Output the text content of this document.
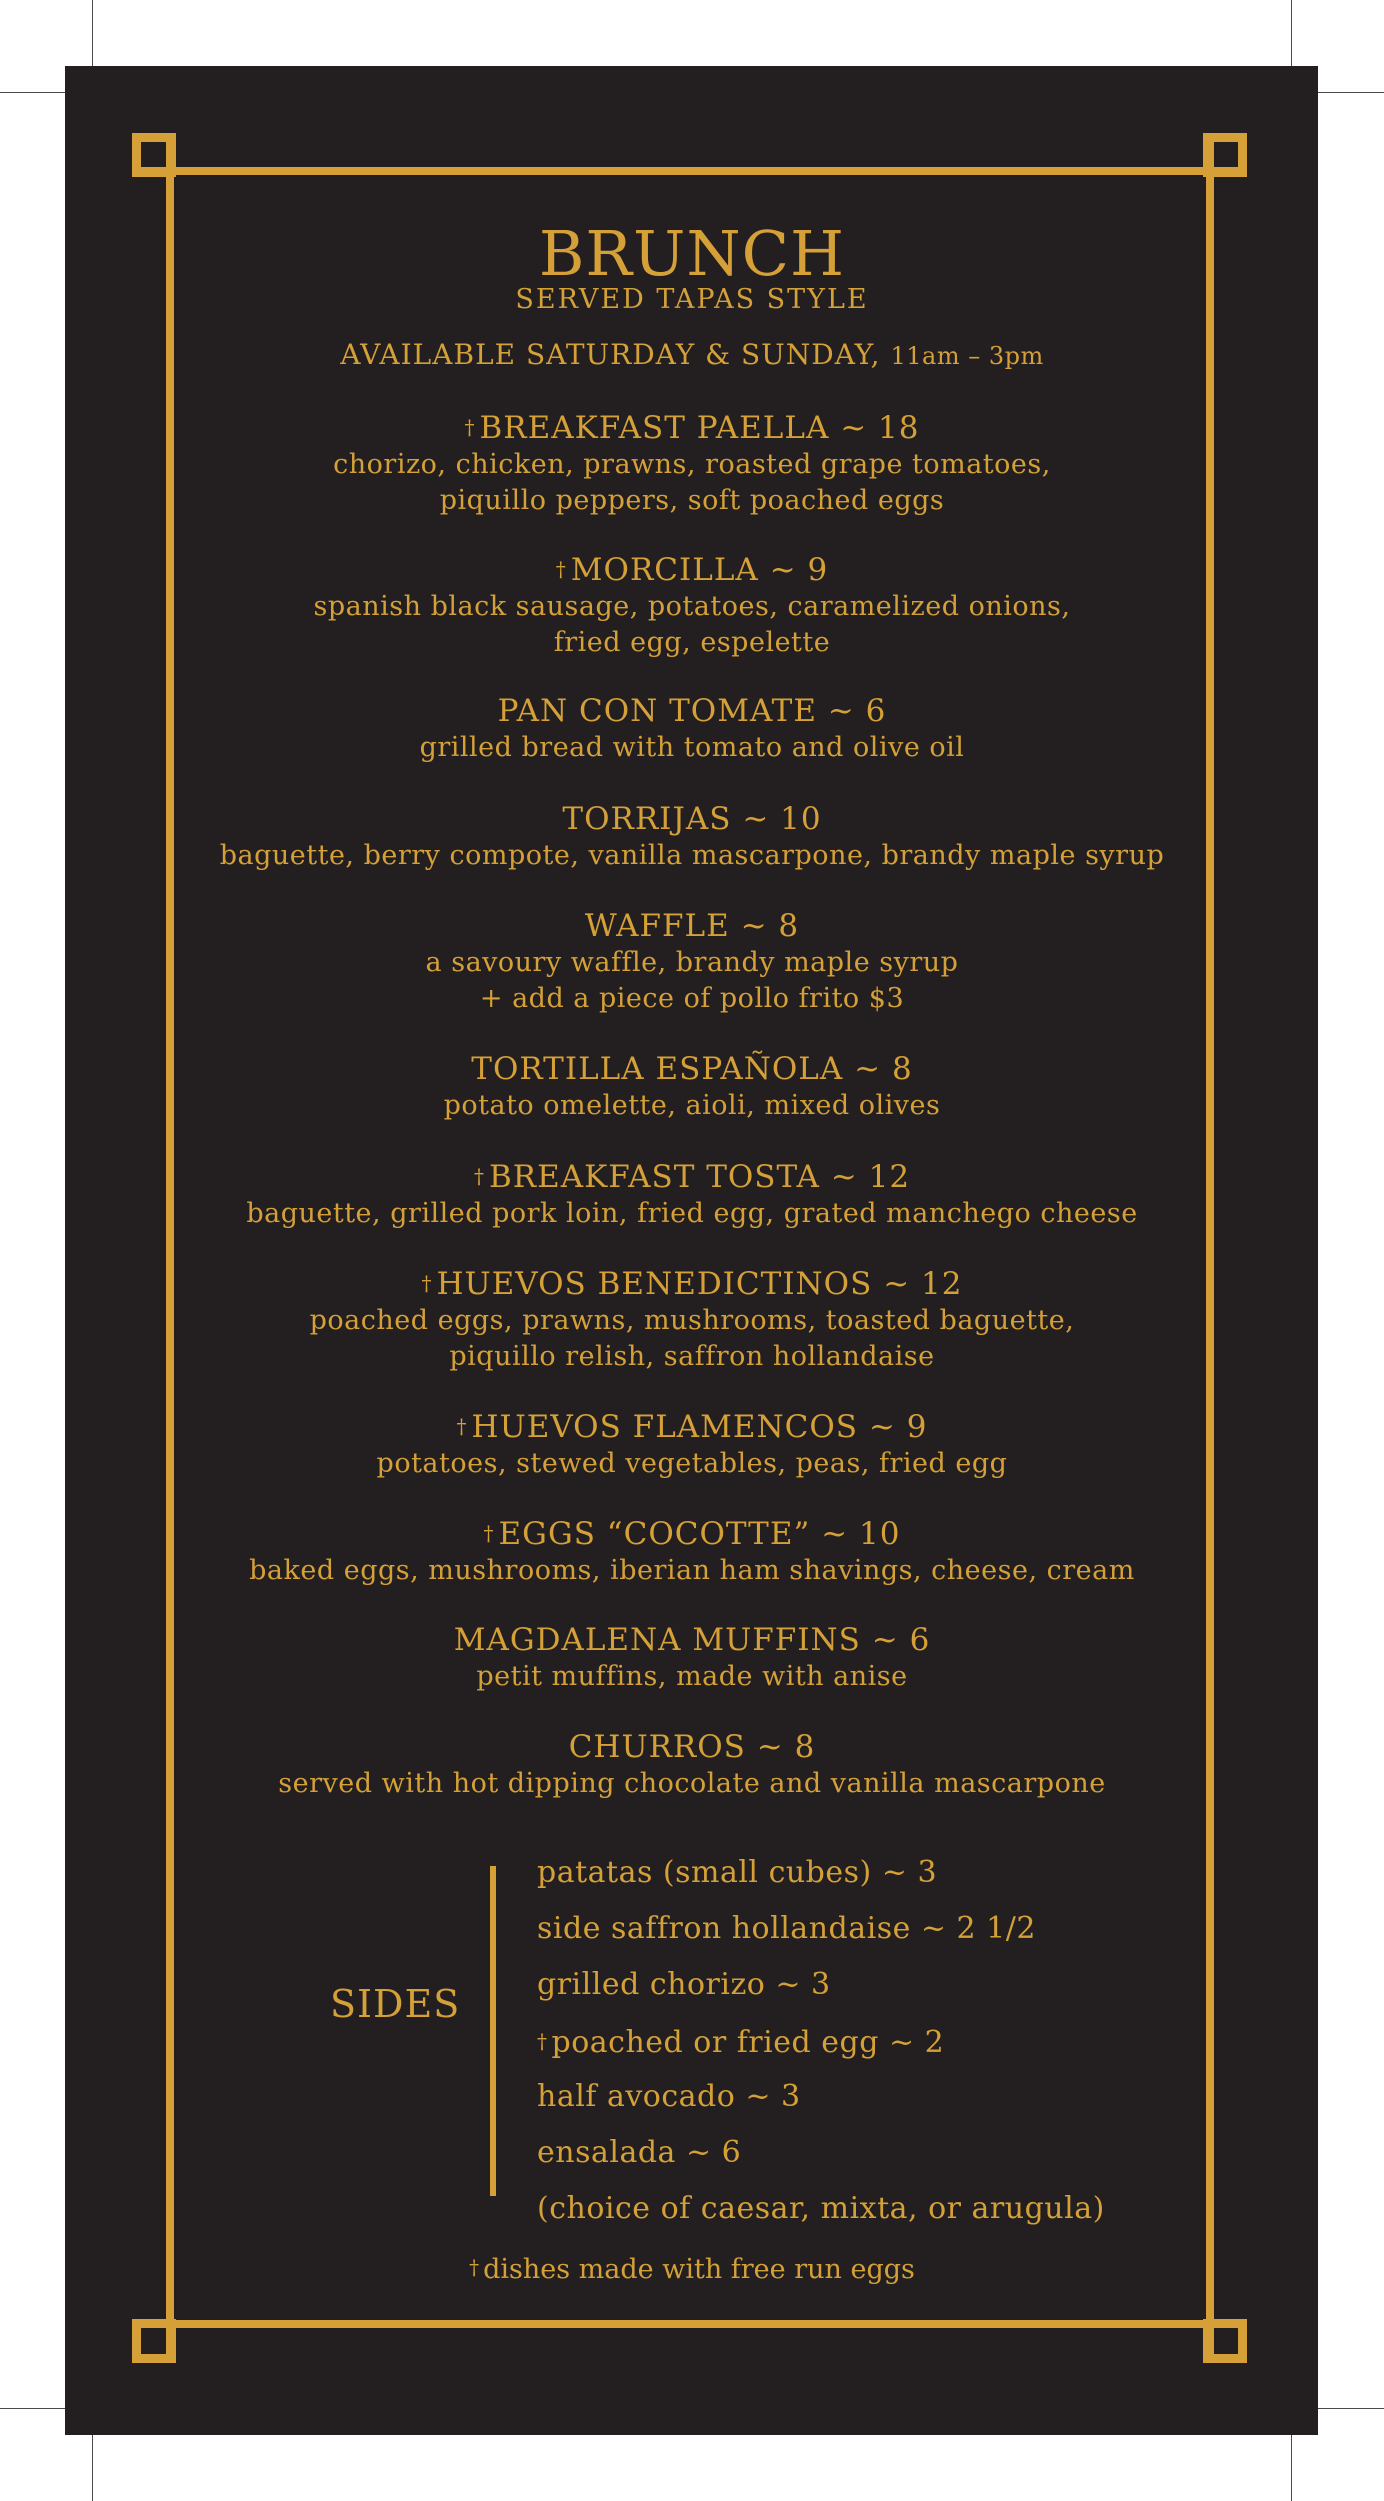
BRUNCH
SERVED TAPAS STYLE
AVAILABLE SATURDAY & SUNDAY, 11am – 3pm
† BREAKFAST PAELLA ~ 18
chorizo, chicken, prawns, roasted grape tomatoes,
piquillo peppers, soft poached eggs
† MORCILLA ~ 9
spanish black sausage, potatoes, caramelized onions,
fried egg, espelette
PAN CON TOMATE ~ 6
grilled bread with tomato and olive oil
TORRIJAS ~ 10
baguette, berry compote, vanilla mascarpone, brandy maple syrup
WAFFLE ~ 8
a savoury waffle, brandy maple syrup
+ add a piece of pollo frito $3
TORTILLA ESPAÑOLA ~ 8
potato omelette, aioli, mixed olives
† BREAKFAST TOSTA ~ 12
baguette, grilled pork loin, fried egg, grated manchego cheese
† HUEVOS BENEDICTINOS ~ 12
poached eggs, prawns, mushrooms, toasted baguette,
piquillo relish, saffron hollandaise
† HUEVOS FLAMENCOS ~ 9
potatoes, stewed vegetables, peas, fried egg
† EGGS “COCOTTE” ~ 10
baked eggs, mushrooms, iberian ham shavings, cheese, cream
MAGDALENA MUFFINS ~ 6
petit muffins, made with anise
CHURROS ~ 8
served with hot dipping chocolate and vanilla mascarpone
SIDES
patatas (small cubes) ~ 3
side saffron hollandaise ~ 2 1/2
grilled chorizo ~ 3
† poached or fried egg ~ 2
half avocado ~ 3
ensalada ~ 6
(choice of caesar, mixta, or arugula)
† dishes made with free run eggs
